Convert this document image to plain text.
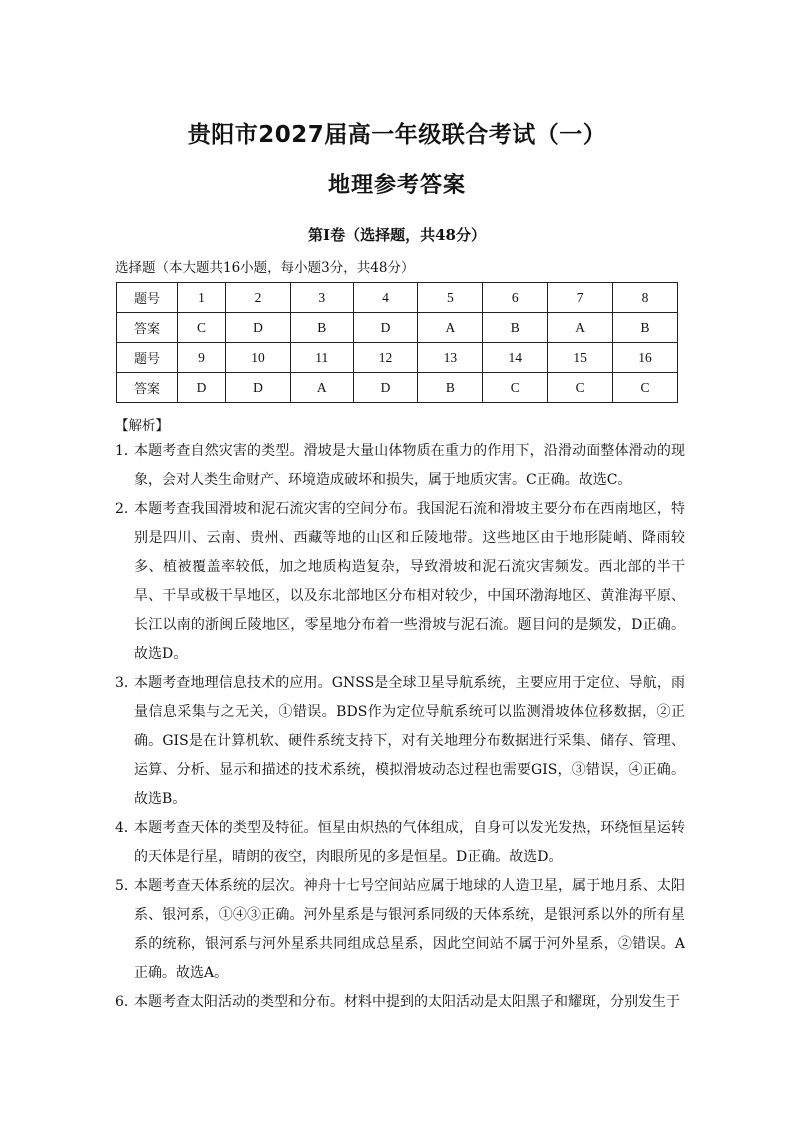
贵阳市2027届高一年级联合考试（一）
地理参考答案
第Ⅰ卷（选择题，共48分）
选择题（本大题共16小题，每小题3分，共48分）
题号	1	2	3	4	5	6	7	8
答案	C	D	B	D	A	B	A	B
题号	9	10	11	12	13	14	15	16
答案	D	D	A	D	B	C	C	C
【解析】
1．
本题考查自然灾害的类型。滑坡是大量山体物质在重力的作用下，沿滑动面整体滑动的现象，会对人类生命财产、环境造成破坏和损失，属于地质灾害。C正确。故选C。
2．
本题考查我国滑坡和泥石流灾害的空间分布。我国泥石流和滑坡主要分布在西南地区，特别是四川、云南、贵州、西藏等地的山区和丘陵地带。这些地区由于地形陡峭、降雨较多、植被覆盖率较低，加之地质构造复杂，导致滑坡和泥石流灾害频发。西北部的半干旱、干旱或极干旱地区，以及东北部地区分布相对较少，中国环渤海地区、黄淮海平原、长江以南的浙闽丘陵地区，零星地分布着一些滑坡与泥石流。题目问的是频发，D正确。故选D。
3．
本题考查地理信息技术的应用。GNSS是全球卫星导航系统，主要应用于定位、导航，雨量信息采集与之无关，①错误。BDS作为定位导航系统可以监测滑坡体位移数据，②正确。GIS是在计算机软、硬件系统支持下，对有关地理分布数据进行采集、储存、管理、运算、分析、显示和描述的技术系统，模拟滑坡动态过程也需要GIS，③错误，④正确。故选B。
4．
本题考查天体的类型及特征。恒星由炽热的气体组成，自身可以发光发热，环绕恒星运转的天体是行星，晴朗的夜空，肉眼所见的多是恒星。D正确。故选D。
5．
本题考查天体系统的层次。神舟十七号空间站应属于地球的人造卫星，属于地月系、太阳系、银河系，①④③正确。河外星系是与银河系同级的天体系统，是银河系以外的所有星系的统称，银河系与河外星系共同组成总星系，因此空间站不属于河外星系，②错误。A正确。故选A。
6．
本题考查太阳活动的类型和分布。材料中提到的太阳活动是太阳黑子和耀斑，分别发生于
